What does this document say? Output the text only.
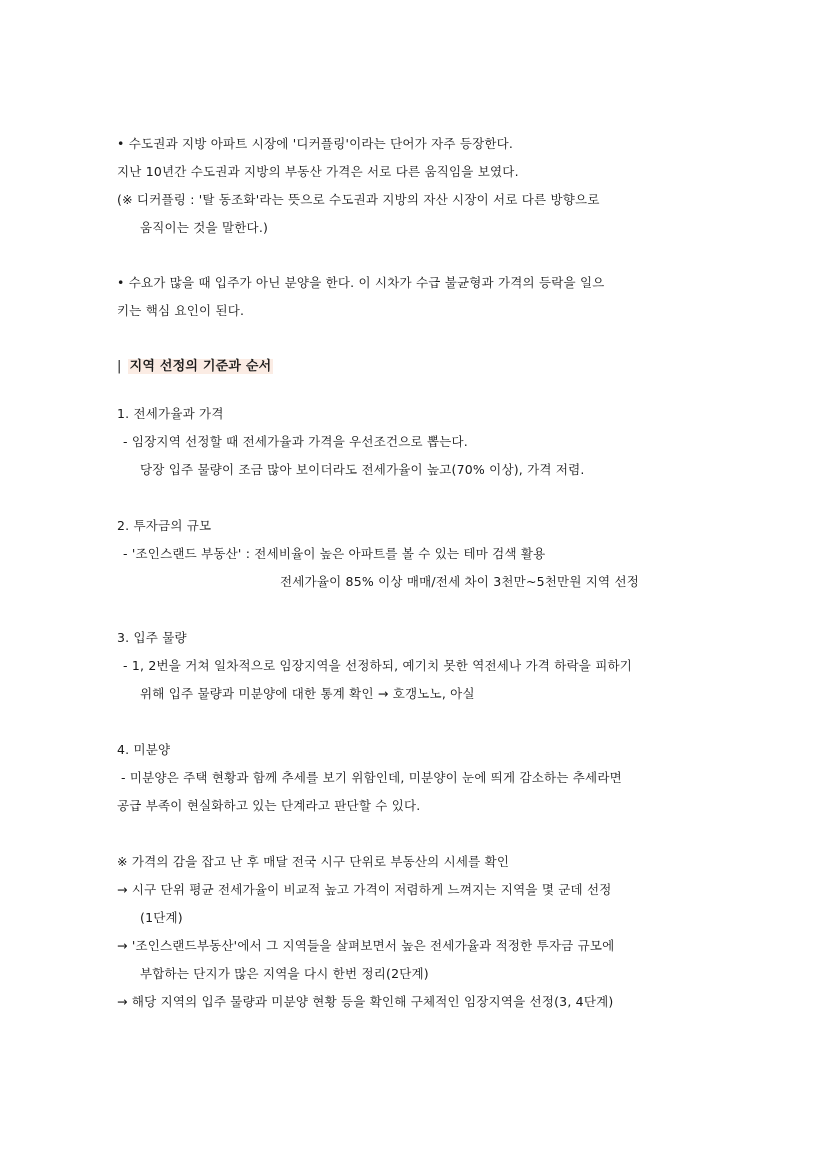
• 수도권과 지방 아파트 시장에 '디커플링'이라는 단어가 자주 등장한다.
지난 10년간 수도권과 지방의 부동산 가격은 서로 다른 움직임을 보였다.
(※ 디커플링 : '탈 동조화'라는 뜻으로 수도권과 지방의 자산 시장이 서로 다른 방향으로
움직이는 것을 말한다.)
• 수요가 많을 때 입주가 아닌 분양을 한다. 이 시차가 수급 불균형과 가격의 등락을 일으
키는 핵심 요인이 된다.
| 지역 선정의 기준과 순서
1. 전세가율과 가격
- 임장지역 선정할 때 전세가율과 가격을 우선조건으로 뽑는다.
당장 입주 물량이 조금 많아 보이더라도 전세가율이 높고(70% 이상), 가격 저렴.
2. 투자금의 규모
- '조인스랜드 부동산' : 전세비율이 높은 아파트를 볼 수 있는 테마 검색 활용
전세가율이 85% 이상 매매/전세 차이 3천만~5천만원 지역 선정
3. 입주 물량
- 1, 2번을 거쳐 일차적으로 임장지역을 선정하되, 예기치 못한 역전세나 가격 하락을 피하기
위해 입주 물량과 미분양에 대한 통계 확인 → 호갱노노, 아실
4. 미분양
- 미분양은 주택 현황과 함께 추세를 보기 위함인데, 미분양이 눈에 띄게 감소하는 추세라면
공급 부족이 현실화하고 있는 단계라고 판단할 수 있다.
※ 가격의 감을 잡고 난 후 매달 전국 시구 단위로 부동산의 시세를 확인
→ 시구 단위 평균 전세가율이 비교적 높고 가격이 저렴하게 느껴지는 지역을 몇 군데 선정
(1단계)
→ '조인스랜드부동산'에서 그 지역들을 살펴보면서 높은 전세가율과 적정한 투자금 규모에
부합하는 단지가 많은 지역을 다시 한번 정리(2단계)
→ 해당 지역의 입주 물량과 미분양 현황 등을 확인해 구체적인 임장지역을 선정(3, 4단계)
